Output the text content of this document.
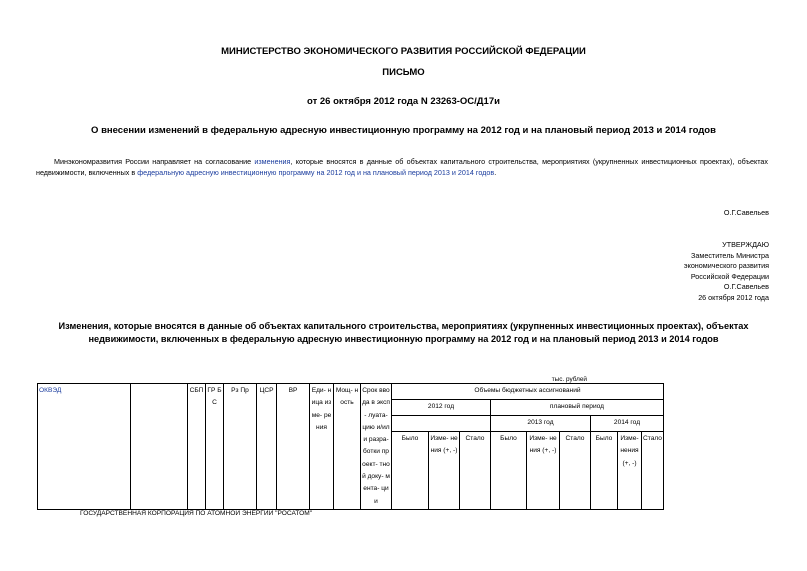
МИНИСТЕРСТВО ЭКОНОМИЧЕСКОГО РАЗВИТИЯ РОССИЙСКОЙ ФЕДЕРАЦИИ
ПИСЬМО
от 26 октября 2012 года N 23263-ОС/Д17и
О внесении изменений в федеральную адресную инвестиционную программу на 2012 год и на плановый период 2013 и 2014 годов
Минэкономразвития России направляет на согласование изменения, которые вносятся в данные об объектах капитального строительства, мероприятиях (укрупненных инвестиционных проектах), объектах недвижимости, включенных в федеральную адресную инвестиционную программу на 2012 год и на плановый период 2013 и 2014 годов.
О.Г.Савельев
УТВЕРЖДАЮ
Заместитель Министра
экономического развития
Российской Федерации
О.Г.Савельев
26 октября 2012 года
Изменения, которые вносятся в данные об объектах капитального строительства, мероприятиях (укрупненных инвестиционных проектах), объектах недвижимости, включенных в федеральную адресную инвестиционную программу на 2012 год и на плановый период 2013 и 2014 годов
тыс. рублей
ОКВЭД		СБП	ГР БС	Рз Пр	ЦСР	ВР	Еди- ница изме- рения	Мощ- ность	Срок ввода в эксп- луата- цию и/или разра- ботки проект- тной доку- мента- ции	Объемы бюджетных ассигнований								
										2012 год			плановый период					
													2013 год			2014 год		
										Было	Изме- нения (+, -)	Стало	Было	Изме- нения (+, -)	Стало	Было	Изме- нения (+, -)	Стало
ГОСУДАРСТВЕННАЯ КОРПОРАЦИЯ ПО АТОМНОЙ ЭНЕРГИИ "РОСАТОМ"
